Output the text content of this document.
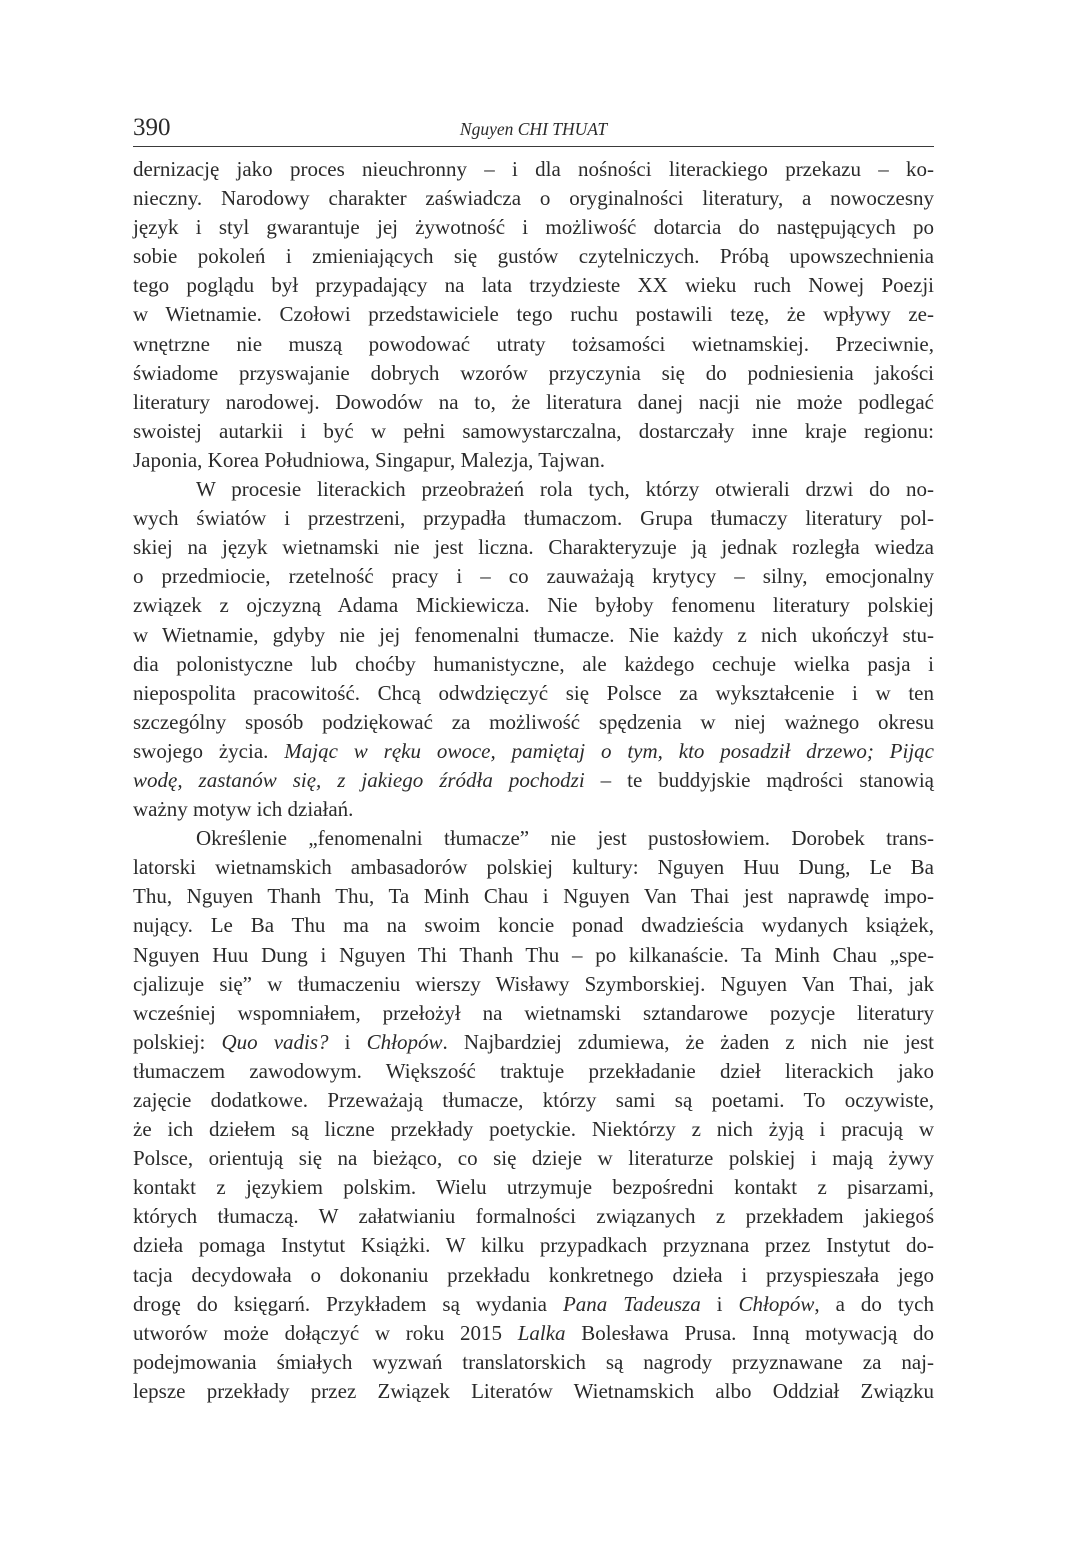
390	Nguyen CHI THUAT
dernizację jako proces nieuchronny – i dla nośności literackiego przekazu – ko-
nieczny. Narodowy charakter zaświadcza o oryginalności literatury, a nowoczesny
język i styl gwarantuje jej żywotność i możliwość dotarcia do następujących po
sobie pokoleń i zmieniających się gustów czytelniczych. Próbą upowszechnienia
tego poglądu był przypadający na lata trzydzieste XX wieku ruch Nowej Poezji
w Wietnamie. Czołowi przedstawiciele tego ruchu postawili tezę, że wpływy ze-
wnętrzne nie muszą powodować utraty tożsamości wietnamskiej. Przeciwnie,
świadome przyswajanie dobrych wzorów przyczynia się do podniesienia jakości
literatury narodowej. Dowodów na to, że literatura danej nacji nie może podlegać
swoistej autarkii i być w pełni samowystarczalna, dostarczały inne kraje regionu:
Japonia, Korea Południowa, Singapur, Malezja, Tajwan.
W procesie literackich przeobrażeń rola tych, którzy otwierali drzwi do no-
wych światów i przestrzeni, przypadła tłumaczom. Grupa tłumaczy literatury pol-
skiej na język wietnamski nie jest liczna. Charakteryzuje ją jednak rozległa wiedza
o przedmiocie, rzetelność pracy i – co zauważają krytycy – silny, emocjonalny
związek z ojczyzną Adama Mickiewicza. Nie byłoby fenomenu literatury polskiej
w Wietnamie, gdyby nie jej fenomenalni tłumacze. Nie każdy z nich ukończył stu-
dia polonistyczne lub choćby humanistyczne, ale każdego cechuje wielka pasja i
niepospolita pracowitość. Chcą odwdzięczyć się Polsce za wykształcenie i w ten
szczególny sposób podziękować za możliwość spędzenia w niej ważnego okresu
swojego życia. Mając w ręku owoce, pamiętaj o tym, kto posadził drzewo; Pijąc
wodę, zastanów się, z jakiego źródła pochodzi – te buddyjskie mądrości stanowią
ważny motyw ich działań.
Określenie „fenomenalni tłumacze” nie jest pustosłowiem. Dorobek trans-
latorski wietnamskich ambasadorów polskiej kultury: Nguyen Huu Dung, Le Ba
Thu, Nguyen Thanh Thu, Ta Minh Chau i Nguyen Van Thai jest naprawdę impo-
nujący. Le Ba Thu ma na swoim koncie ponad dwadzieścia wydanych książek,
Nguyen Huu Dung i Nguyen Thi Thanh Thu – po kilkanaście. Ta Minh Chau „spe-
cjalizuje się” w tłumaczeniu wierszy Wisławy Szymborskiej. Nguyen Van Thai, jak
wcześniej wspomniałem, przełożył na wietnamski sztandarowe pozycje literatury
polskiej: Quo vadis? i Chłopów. Najbardziej zdumiewa, że żaden z nich nie jest
tłumaczem zawodowym. Większość traktuje przekładanie dzieł literackich jako
zajęcie dodatkowe. Przeważają tłumacze, którzy sami są poetami. To oczywiste,
że ich dziełem są liczne przekłady poetyckie. Niektórzy z nich żyją i pracują w
Polsce, orientują się na bieżąco, co się dzieje w literaturze polskiej i mają żywy
kontakt z językiem polskim. Wielu utrzymuje bezpośredni kontakt z pisarzami,
których tłumaczą. W załatwianiu formalności związanych z przekładem jakiegoś
dzieła pomaga Instytut Książki. W kilku przypadkach przyznana przez Instytut do-
tacja decydowała o dokonaniu przekładu konkretnego dzieła i przyspieszała jego
drogę do księgarń. Przykładem są wydania Pana Tadeusza i Chłopów, a do tych
utworów może dołączyć w roku 2015 Lalka Bolesława Prusa. Inną motywacją do
podejmowania śmiałych wyzwań translatorskich są nagrody przyznawane za naj-
lepsze przekłady przez Związek Literatów Wietnamskich albo Oddział Związku
